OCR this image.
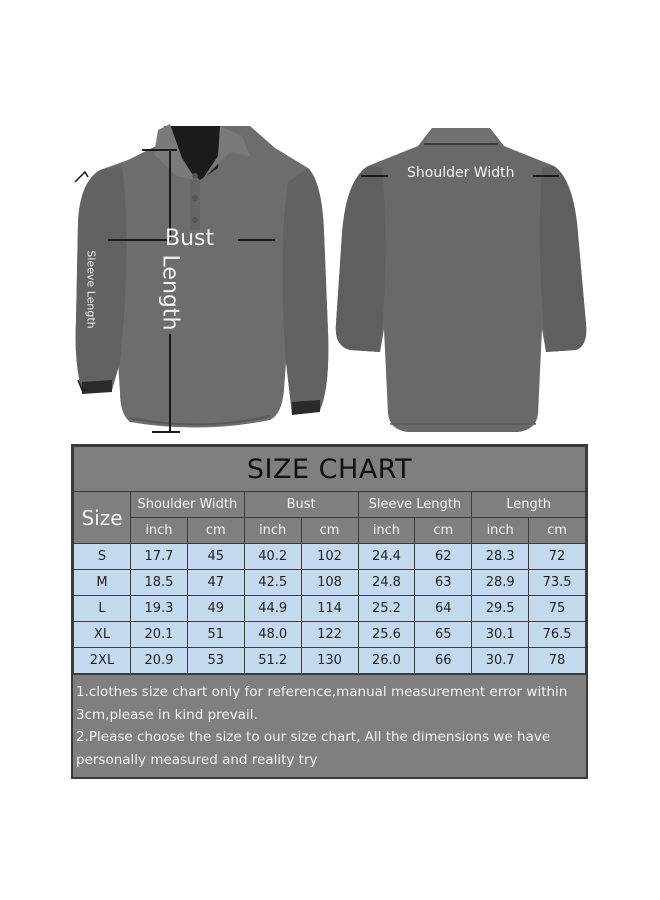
Bust
Length
Sleeve Length
Shoulder Width
SIZE CHART								
Size	Shoulder Width		Bust		Sleeve Length		Length	
	inch	cm	inch	cm	inch	cm	inch	cm
S	17.7	45	40.2	102	24.4	62	28.3	72
M	18.5	47	42.5	108	24.8	63	28.9	73.5
L	19.3	49	44.9	114	25.2	64	29.5	75
XL	20.1	51	48.0	122	25.6	65	30.1	76.5
2XL	20.9	53	51.2	130	26.0	66	30.7	78
1.clothes size chart only for reference,manual measurement error within 3cm,please in kind prevail.
2.Please choose the size to our size chart, All the dimensions we have personally measured and reality try
